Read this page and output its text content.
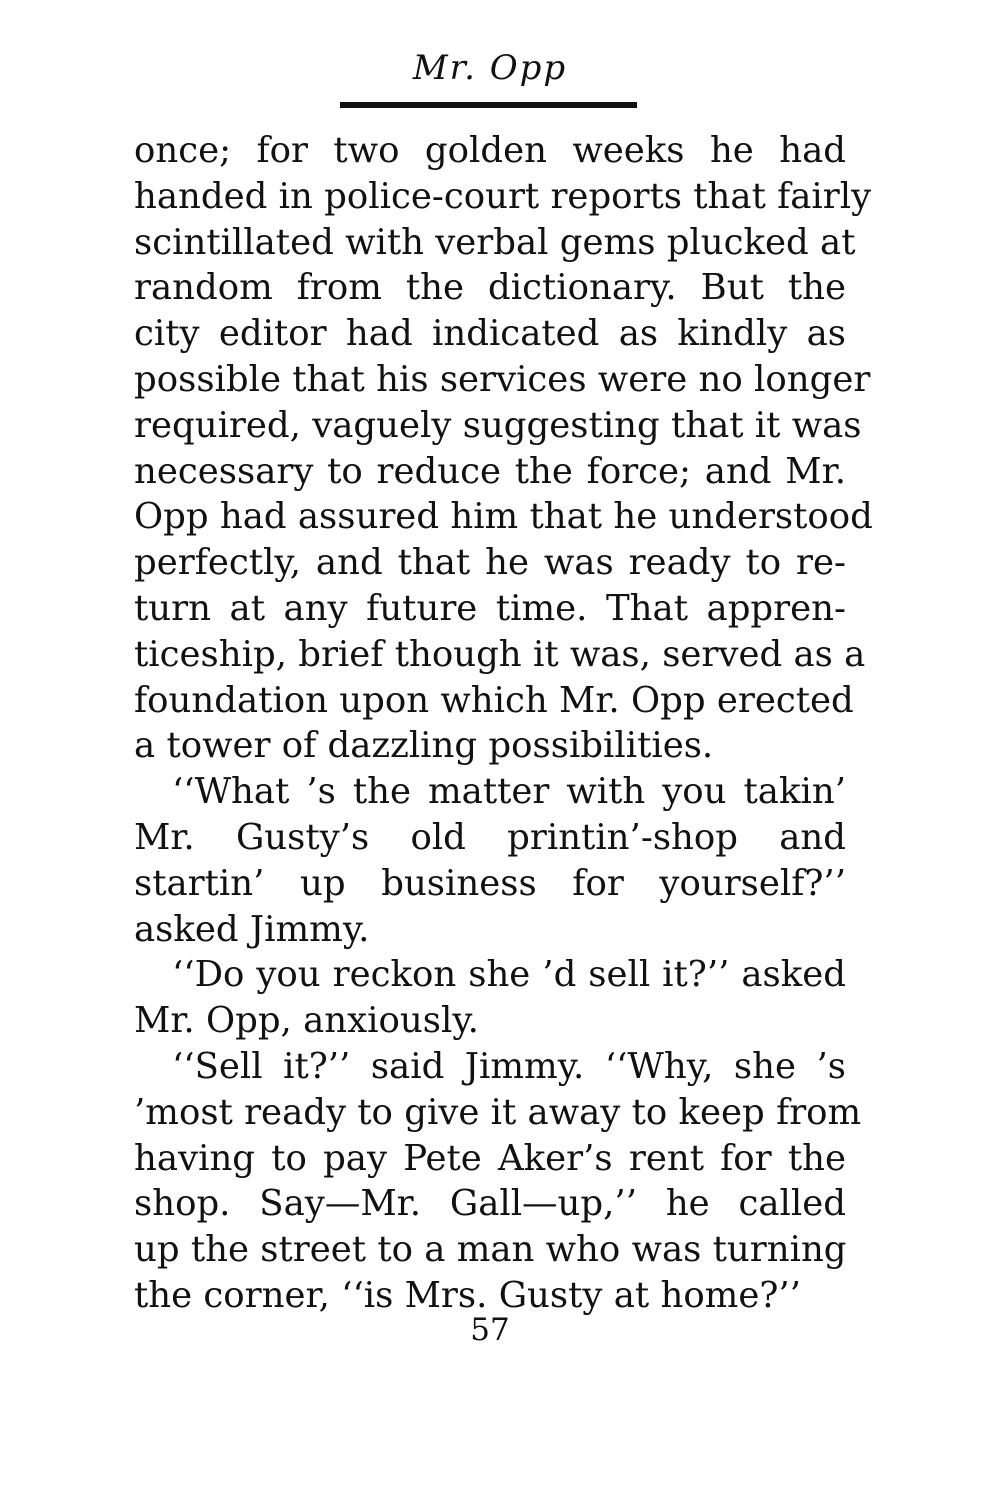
Mr. Opp
once; for two golden weeks he had
handed in police-court reports that fairly
scintillated with verbal gems plucked at
random from the dictionary. But the
city editor had indicated as kindly as
possible that his services were no longer
required, vaguely suggesting that it was
necessary to reduce the force; and Mr.
Opp had assured him that he understood
perfectly, and that he was ready to re-
turn at any future time. That appren-
ticeship, brief though it was, served as a
foundation upon which Mr. Opp erected
a tower of dazzling possibilities.
‘‘What ’s the matter with you takin’
Mr. Gusty’s old printin’-shop and
startin’ up business for yourself?’’
asked Jimmy.
‘‘Do you reckon she ’d sell it?’’ asked
Mr. Opp, anxiously.
‘‘Sell it?’’ said Jimmy. ‘‘Why, she ’s
’most ready to give it away to keep from
having to pay Pete Aker’s rent for the
shop. Say—Mr. Gall—up,’’ he called
up the street to a man who was turning
the corner, ‘‘is Mrs. Gusty at home?’’
57
